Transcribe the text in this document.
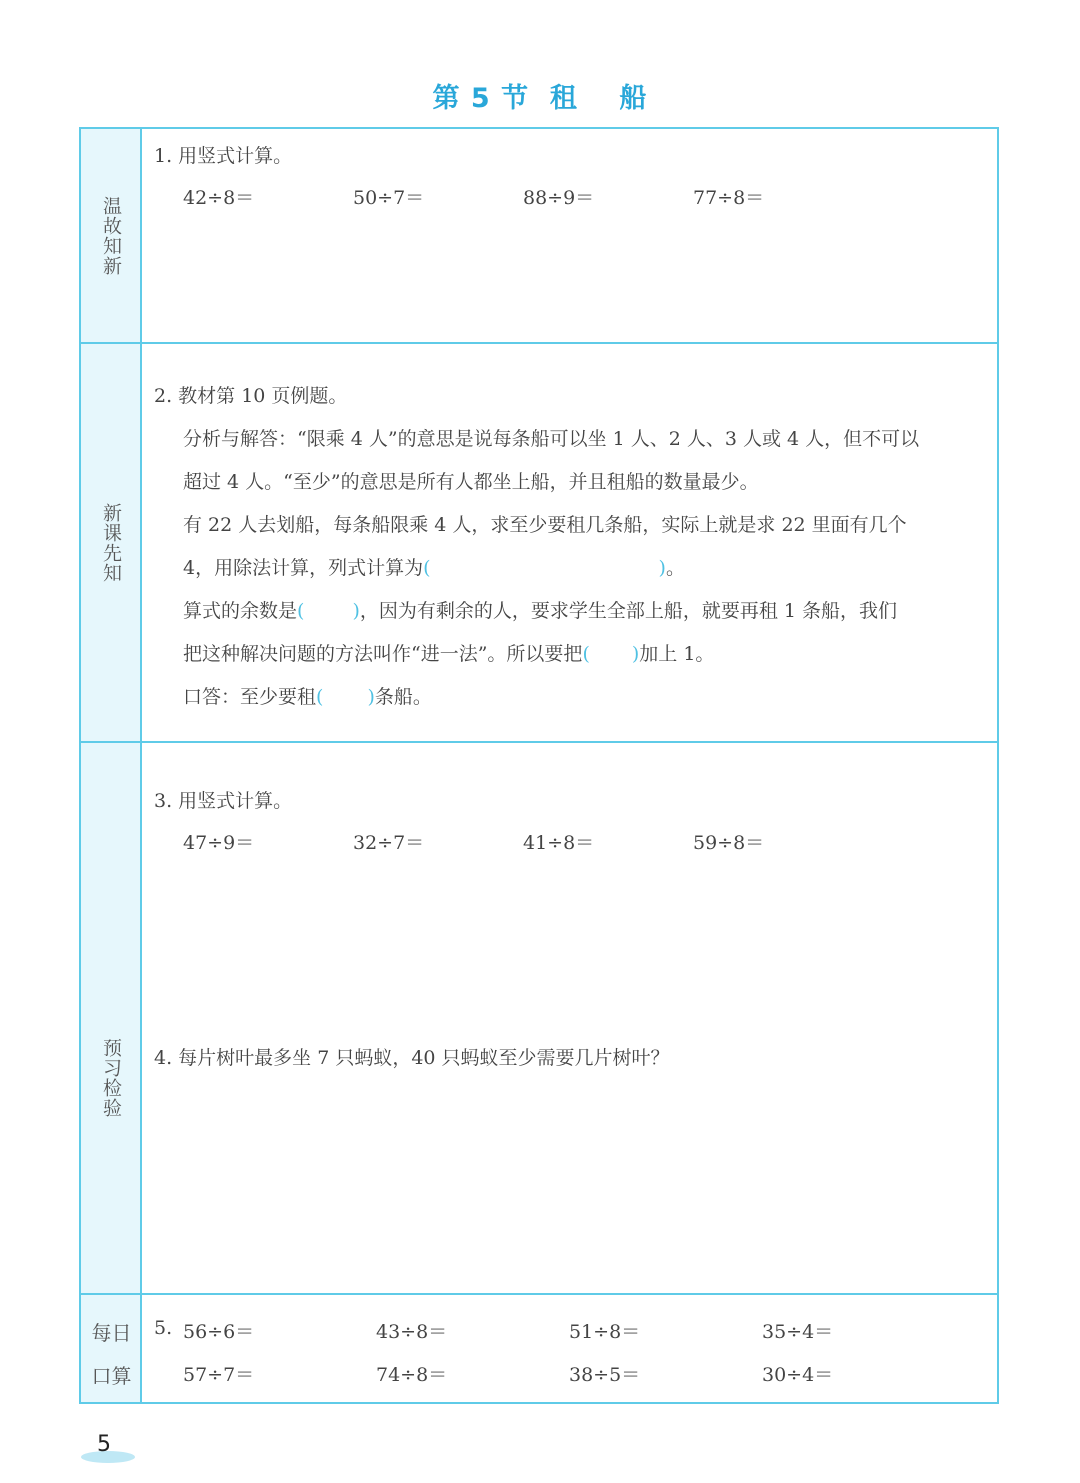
第 5 节  租    船
温故知新
新课先知
预习检验
每日
口算
1. 用竖式计算。
42÷8＝	50÷7＝	88÷9＝	77÷8＝
2. 教材第 10 页例题。
分析与解答：“限乘 4 人”的意思是说每条船可以坐 1 人、2 人、3 人或 4 人，但不可以
超过 4 人。“至少”的意思是所有人都坐上船，并且租船的数量最少。
有 22 人去划船，每条船限乘 4 人，求至少要租几条船，实际上就是求 22 里面有几个
4，用除法计算，列式计算为(	)。
算式的余数是(	)，因为有剩余的人，要求学生全部上船，就要再租 1 条船，我们
把这种解决问题的方法叫作“进一法”。所以要把( )加上 1。
口答：至少要租( )条船。
3. 用竖式计算。
47÷9＝	32÷7＝	41÷8＝	59÷8＝
4. 每片树叶最多坐 7 只蚂蚁，40 只蚂蚁至少需要几片树叶？
5. 56÷6＝	43÷8＝	51÷8＝	35÷4＝
57÷7＝	74÷8＝	38÷5＝	30÷4＝
5
